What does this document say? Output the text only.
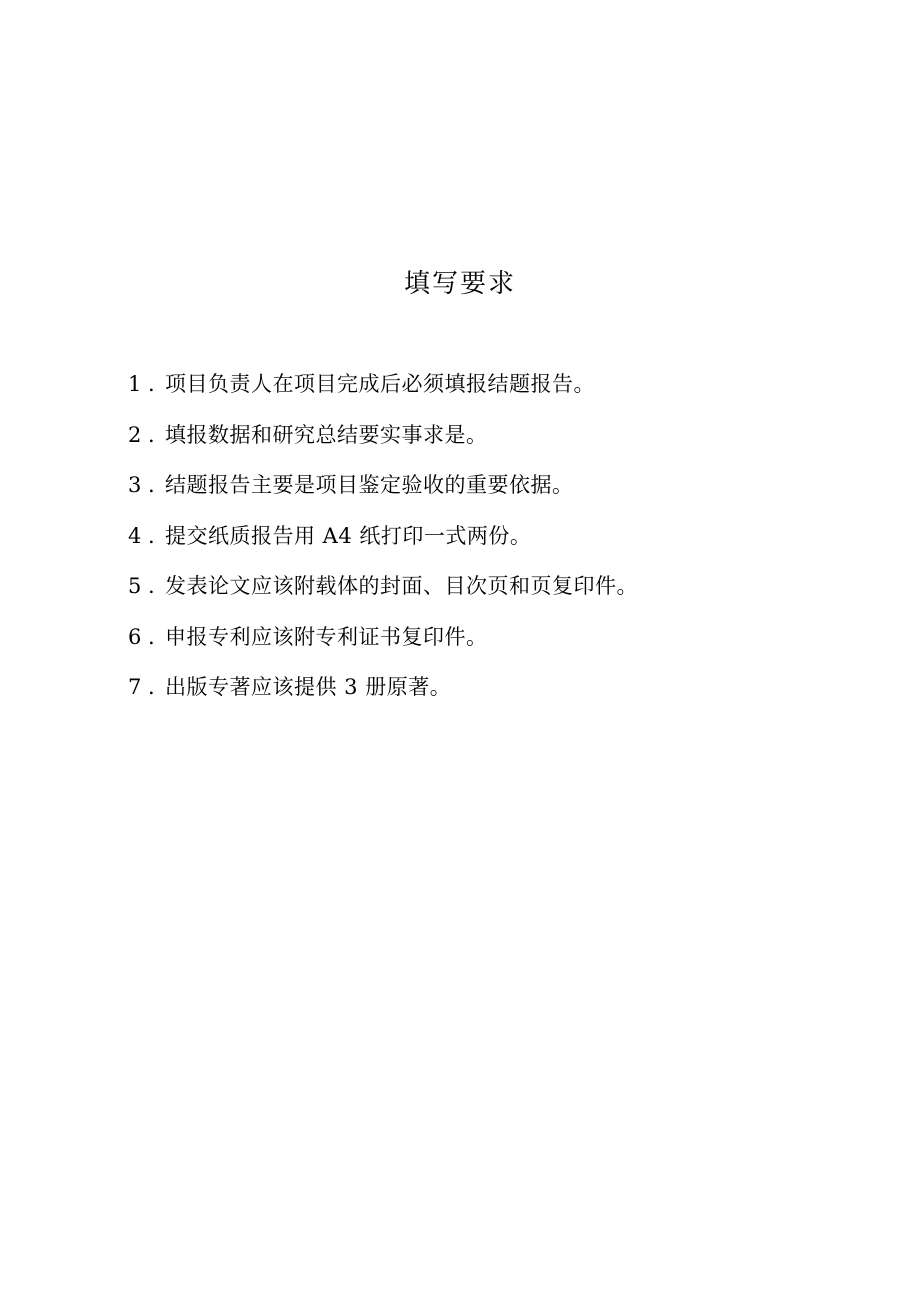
填写要求
1 . 项目负责人在项目完成后必须填报结题报告。
2 . 填报数据和研究总结要实事求是。
3 . 结题报告主要是项目鉴定验收的重要依据。
4 . 提交纸质报告用 A4 纸打印一式两份。
5 . 发表论文应该附载体的封面、目次页和页复印件。
6 . 申报专利应该附专利证书复印件。
7 . 出版专著应该提供 3 册原著。
